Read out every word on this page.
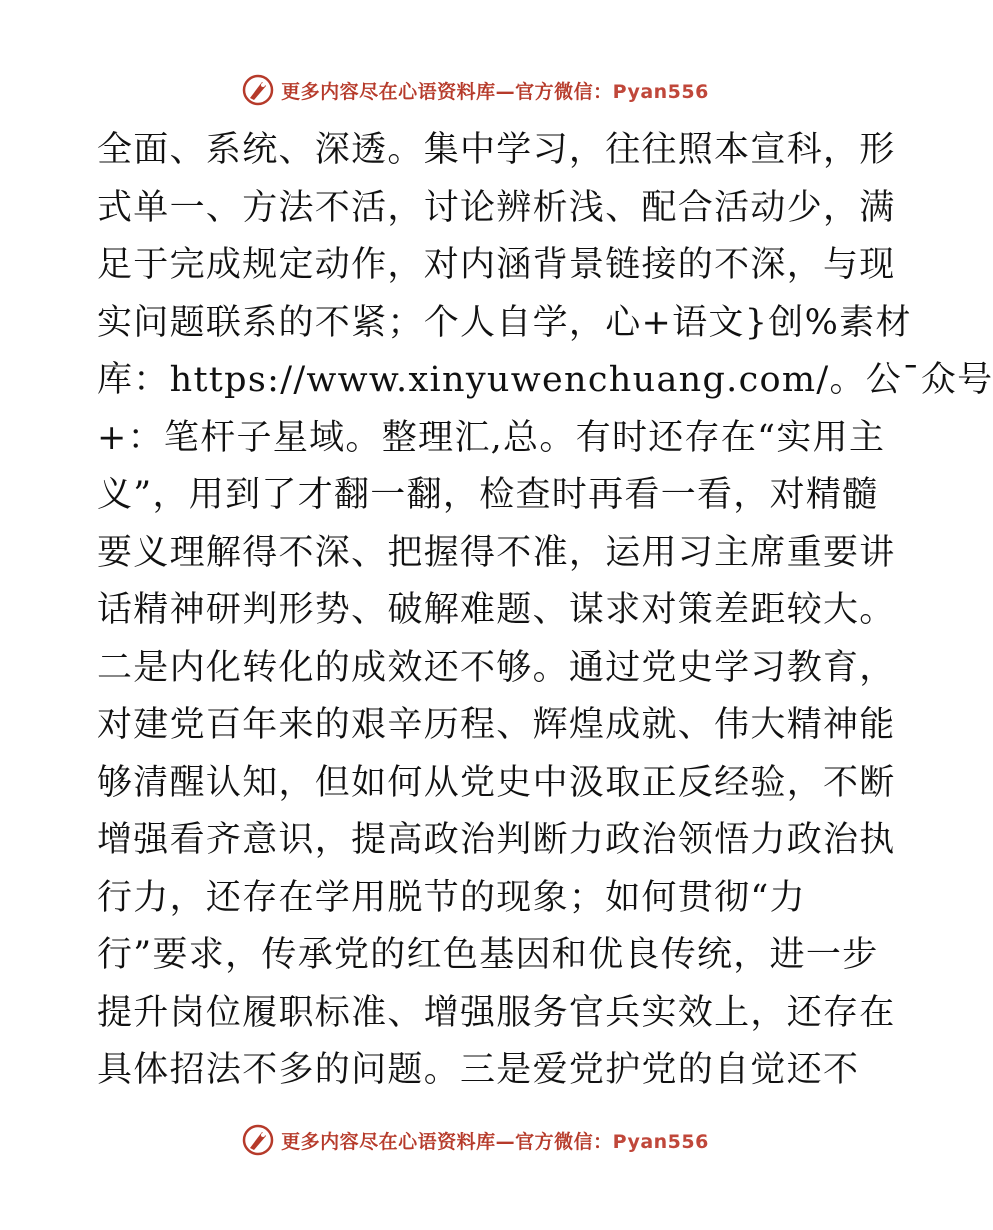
更多内容尽在心语资料库—官方微信：Pyan556
全面、系统、深透。集中学习，往往照本宣科，形
式单一、方法不活，讨论辨析浅、配合活动少，满
足于完成规定动作，对内涵背景链接的不深，与现
实问题联系的不紧；个人自学，心+语文}创%素材
库：https://www.xinyuwenchuang.com/。公¯众号
+：笔杆子星域。整理汇,总。有时还存在“实用主
义”，用到了才翻一翻，检查时再看一看，对精髓
要义理解得不深、把握得不准，运用习主席重要讲
话精神研判形势、破解难题、谋求对策差距较大。
二是内化转化的成效还不够。通过党史学习教育，
对建党百年来的艰辛历程、辉煌成就、伟大精神能
够清醒认知，但如何从党史中汲取正反经验，不断
增强看齐意识，提高政治判断力政治领悟力政治执
行力，还存在学用脱节的现象；如何贯彻“力
行”要求，传承党的红色基因和优良传统，进一步
提升岗位履职标准、增强服务官兵实效上，还存在
具体招法不多的问题。三是爱党护党的自觉还不
更多内容尽在心语资料库—官方微信：Pyan556
